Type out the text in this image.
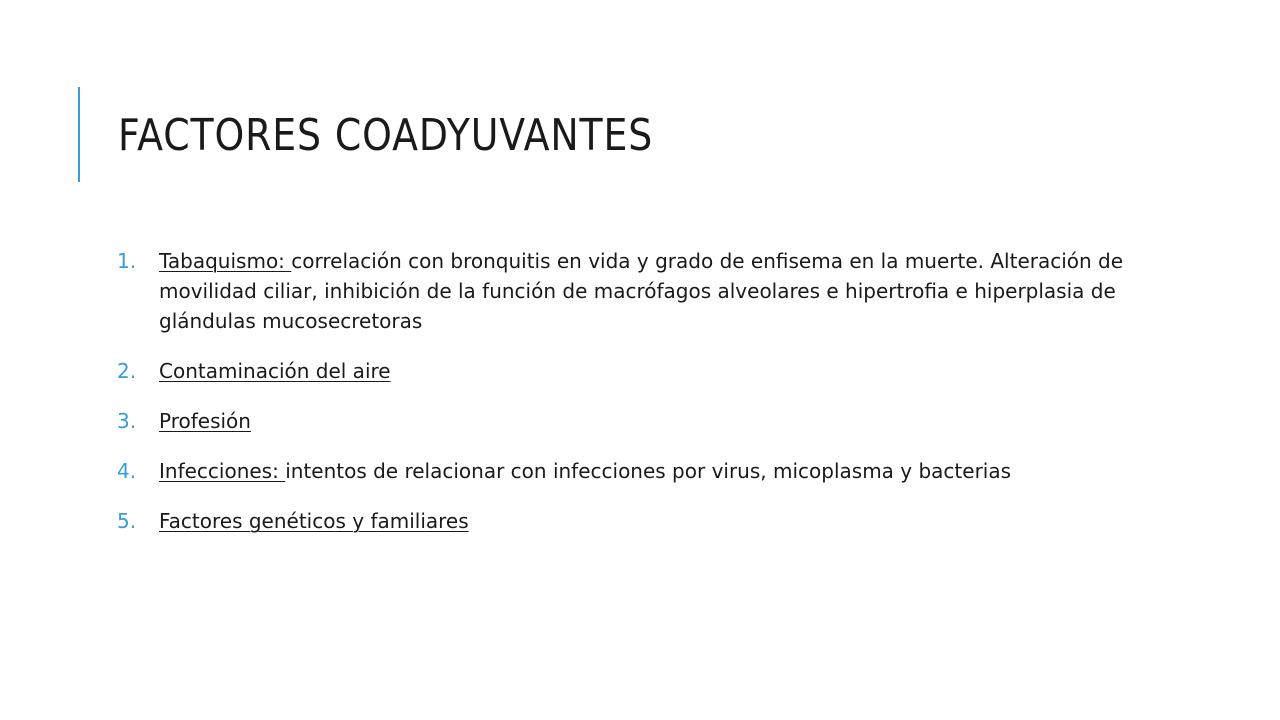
FACTORES COADYUVANTES
1. Tabaquismo: correlación con bronquitis en vida y grado de enfisema en la muerte. Alteración de movilidad ciliar, inhibición de la función de macrófagos alveolares e hipertrofia e hiperplasia de glándulas mucosecretoras
2. Contaminación del aire
3. Profesión
4. Infecciones: intentos de relacionar con infecciones por virus, micoplasma y bacterias
5. Factores genéticos y familiares
